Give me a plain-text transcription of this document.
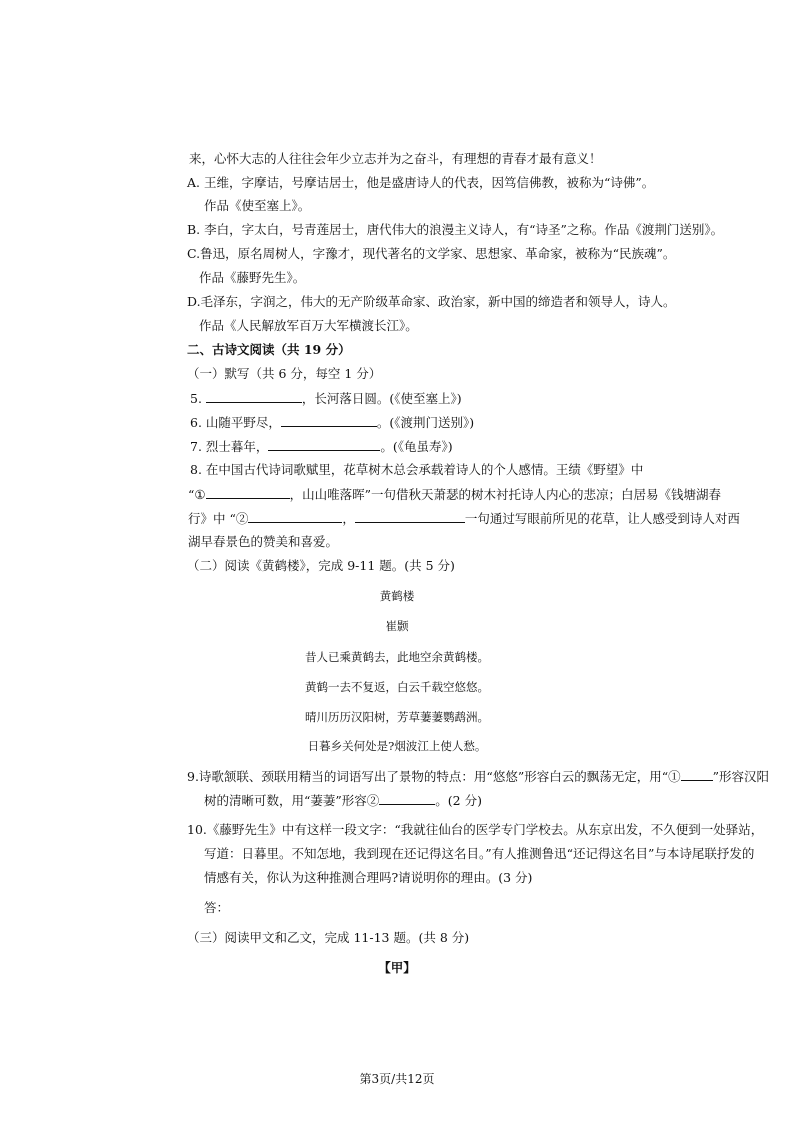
来，心怀大志的人往往会年少立志并为之奋斗，有理想的青春才最有意义！
A. 王维，字摩诘，号摩诘居士，他是盛唐诗人的代表，因笃信佛教，被称为“诗佛”。
作品《使至塞上》。
B. 李白，字太白，号青莲居士，唐代伟大的浪漫主义诗人，有“诗圣”之称。作品《渡荆门送别》。
C.鲁迅，原名周树人，字豫才，现代著名的文学家、思想家、革命家，被称为“民族魂”。
作品《藤野先生》。
D.毛泽东，字润之，伟大的无产阶级革命家、政治家，新中国的缔造者和领导人，诗人。
作品《人民解放军百万大军横渡长江》。
二、古诗文阅读（共 19 分）
（一）默写（共 6 分，每空 1 分）
5.	，长河落日圆。(《使至塞上》)
6. 山随平野尽，	。(《渡荆门送别》)
7. 烈士暮年，	。(《龟虽寿》)
8. 在中国古代诗词歌赋里，花草树木总会承载着诗人的个人感情。王绩《野望》中
“①	，山山唯落晖”一句借秋天萧瑟的树木衬托诗人内心的悲凉；白居易《钱塘湖春
行》中 “②	，	一句通过写眼前所见的花草，让人感受到诗人对西
湖早春景色的赞美和喜爱。
（二）阅读《黄鹤楼》，完成 9-11 题。(共 5 分)
黄鹤楼
崔颢
昔人已乘黄鹤去，此地空余黄鹤楼。
黄鹤一去不复返，白云千载空悠悠。
晴川历历汉阳树，芳草萋萋鹦鹉洲。
日暮乡关何处是?烟波江上使人愁。
9.诗歌颔联、颈联用精当的词语写出了景物的特点：用“悠悠”形容白云的飘荡无定，用“①	”形容汉阳
树的清晰可数，用“萋萋”形容②	。(2 分)
10.《藤野先生》中有这样一段文字：“我就往仙台的医学专门学校去。从东京出发，不久便到一处驿站，
写道：日暮里。不知怎地，我到现在还记得这名目。”有人推测鲁迅“还记得这名目”与本诗尾联抒发的
情感有关，你认为这种推测合理吗?请说明你的理由。(3 分)
答：
（三）阅读甲文和乙文，完成 11-13 题。(共 8 分)
【甲】
第3页/共12页
